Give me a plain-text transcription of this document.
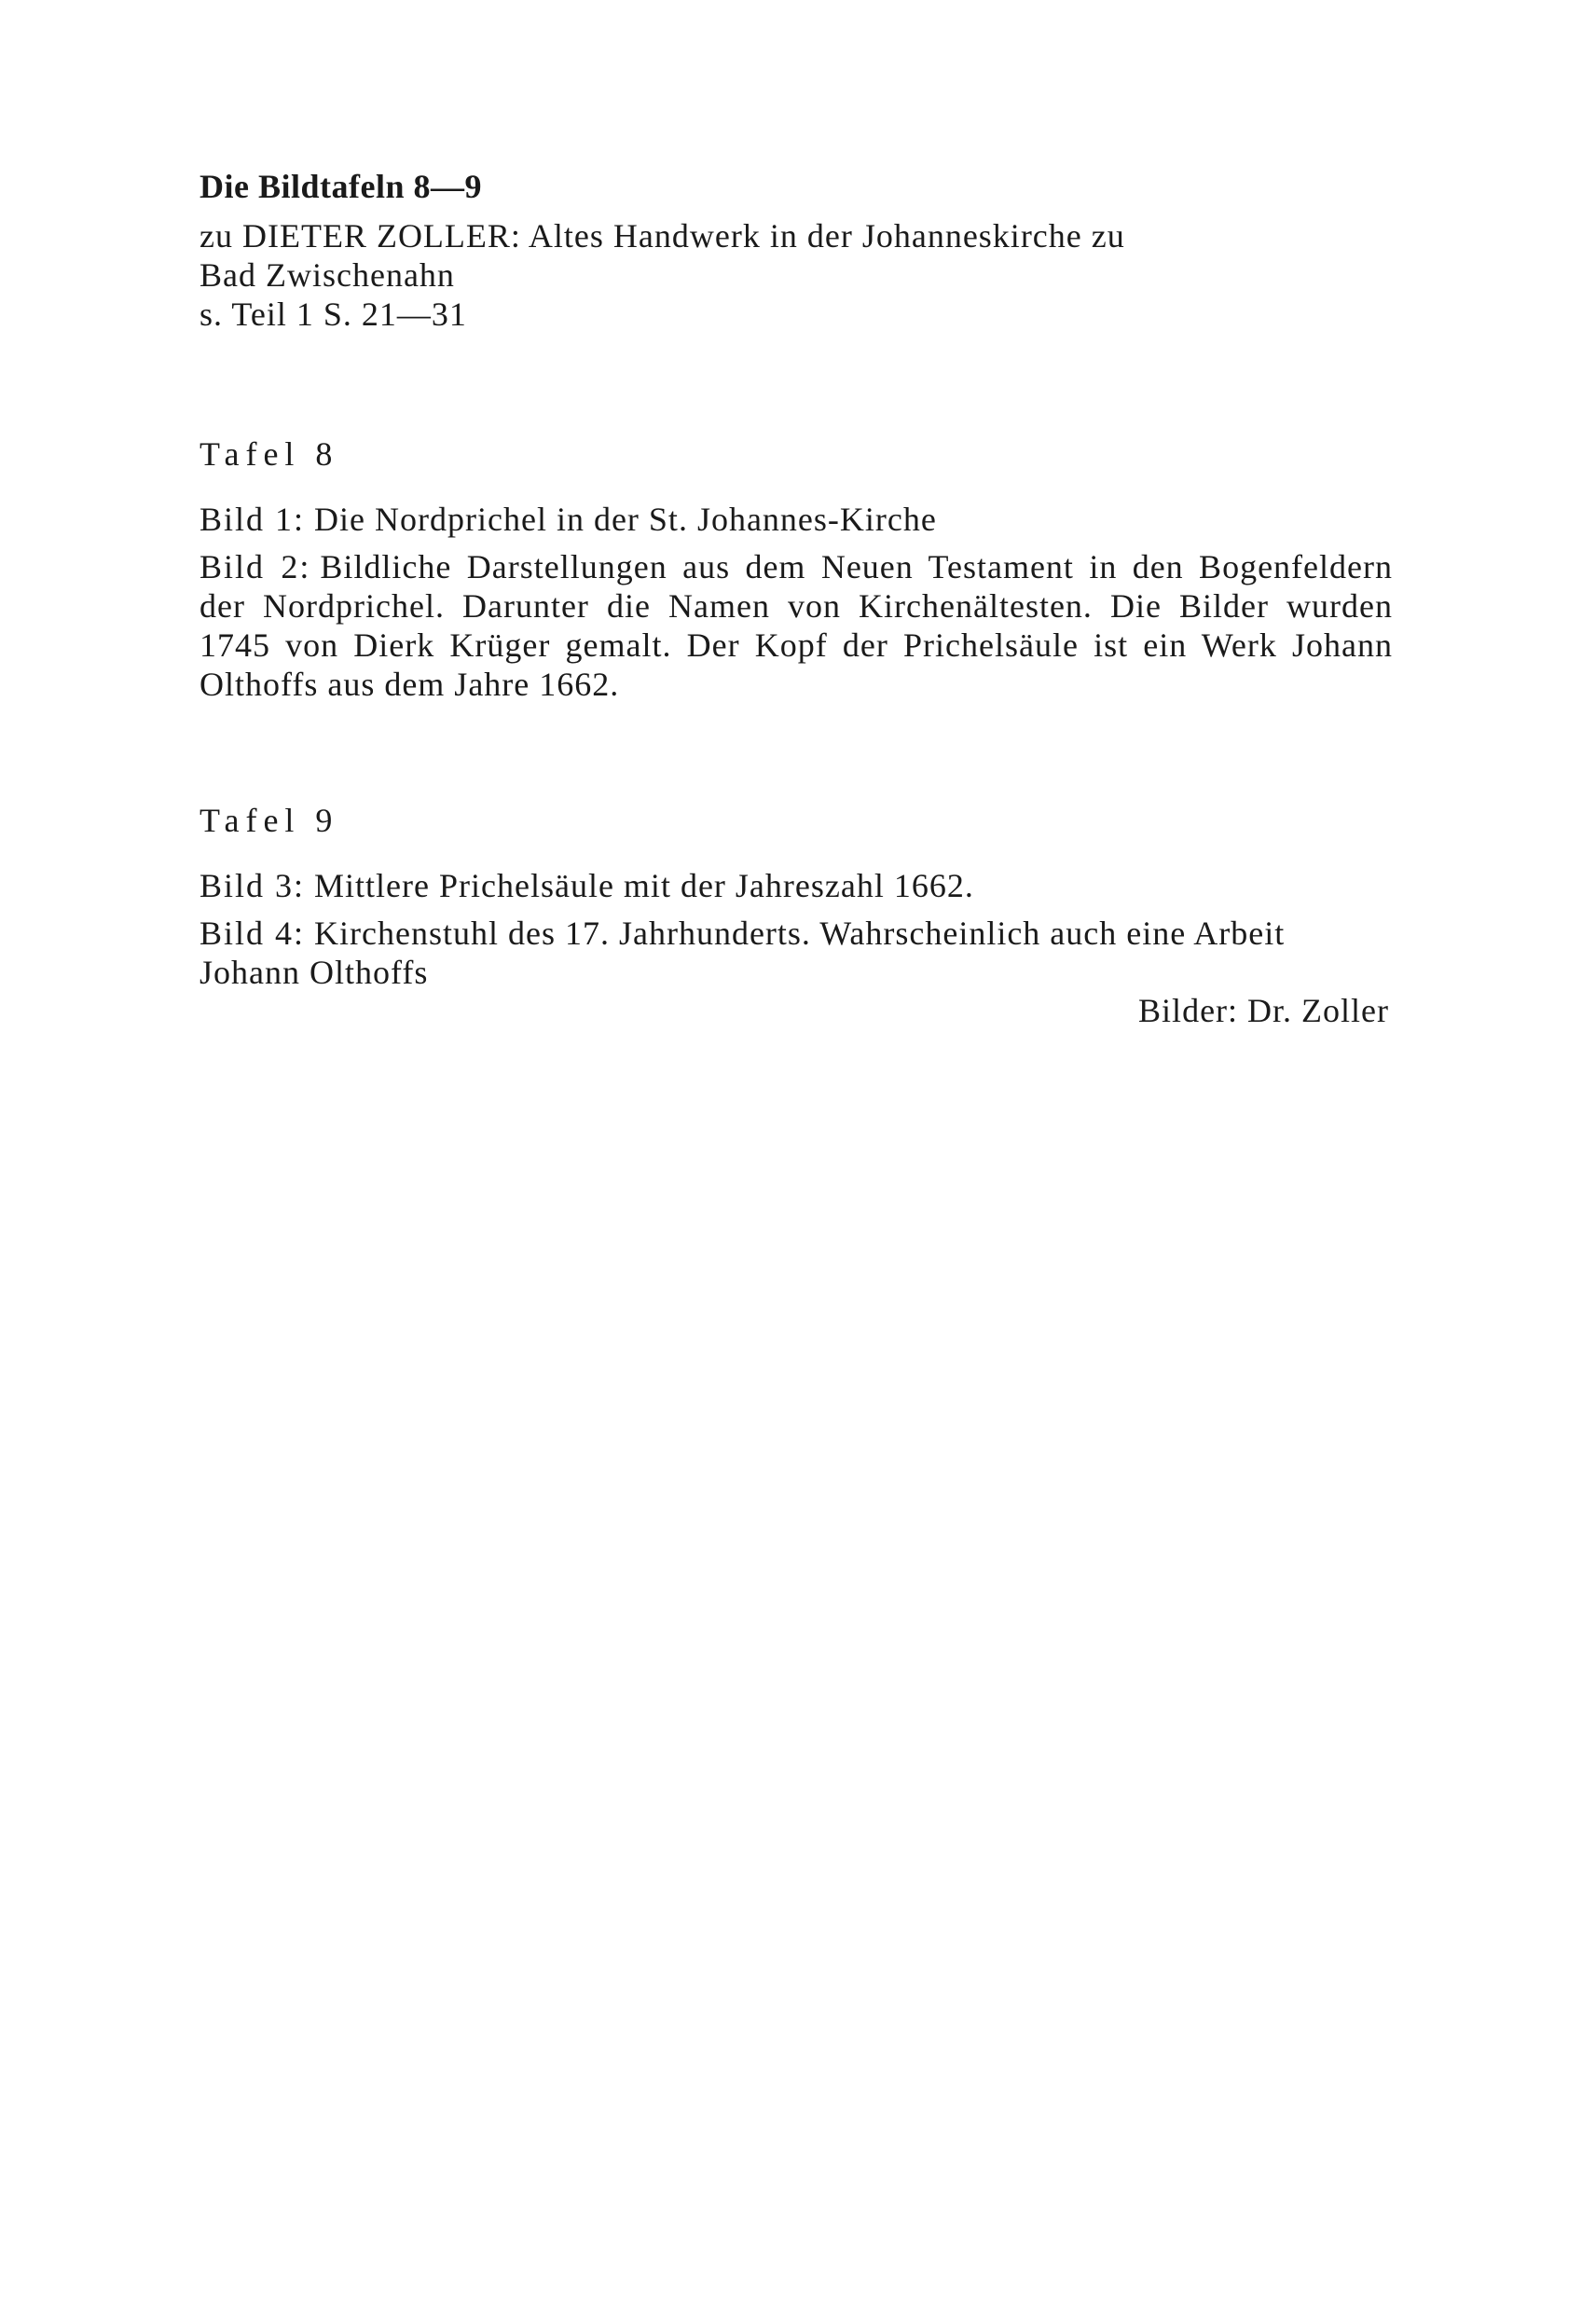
Die Bildtafeln 8—9
zu DIETER ZOLLER: Altes Handwerk in der Johanneskirche zu
Bad Zwischenahn
s. Teil 1 S. 21—31
Tafel 8
Bild 1: Die Nordprichel in der St. Johannes-Kirche
Bild 2: Bildliche Darstellungen aus dem Neuen Testament in den Bogenfeldern der Nordprichel. Darunter die Namen von Kirchenältesten. Die Bilder wurden 1745 von Dierk Krüger gemalt. Der Kopf der Prichelsäule ist ein Werk Johann Olthoffs aus dem Jahre 1662.
Tafel 9
Bild 3: Mittlere Prichelsäule mit der Jahreszahl 1662.
Bild 4: Kirchenstuhl des 17. Jahrhunderts. Wahrscheinlich auch eine Arbeit
Johann Olthoffs
Bilder: Dr. Zoller
